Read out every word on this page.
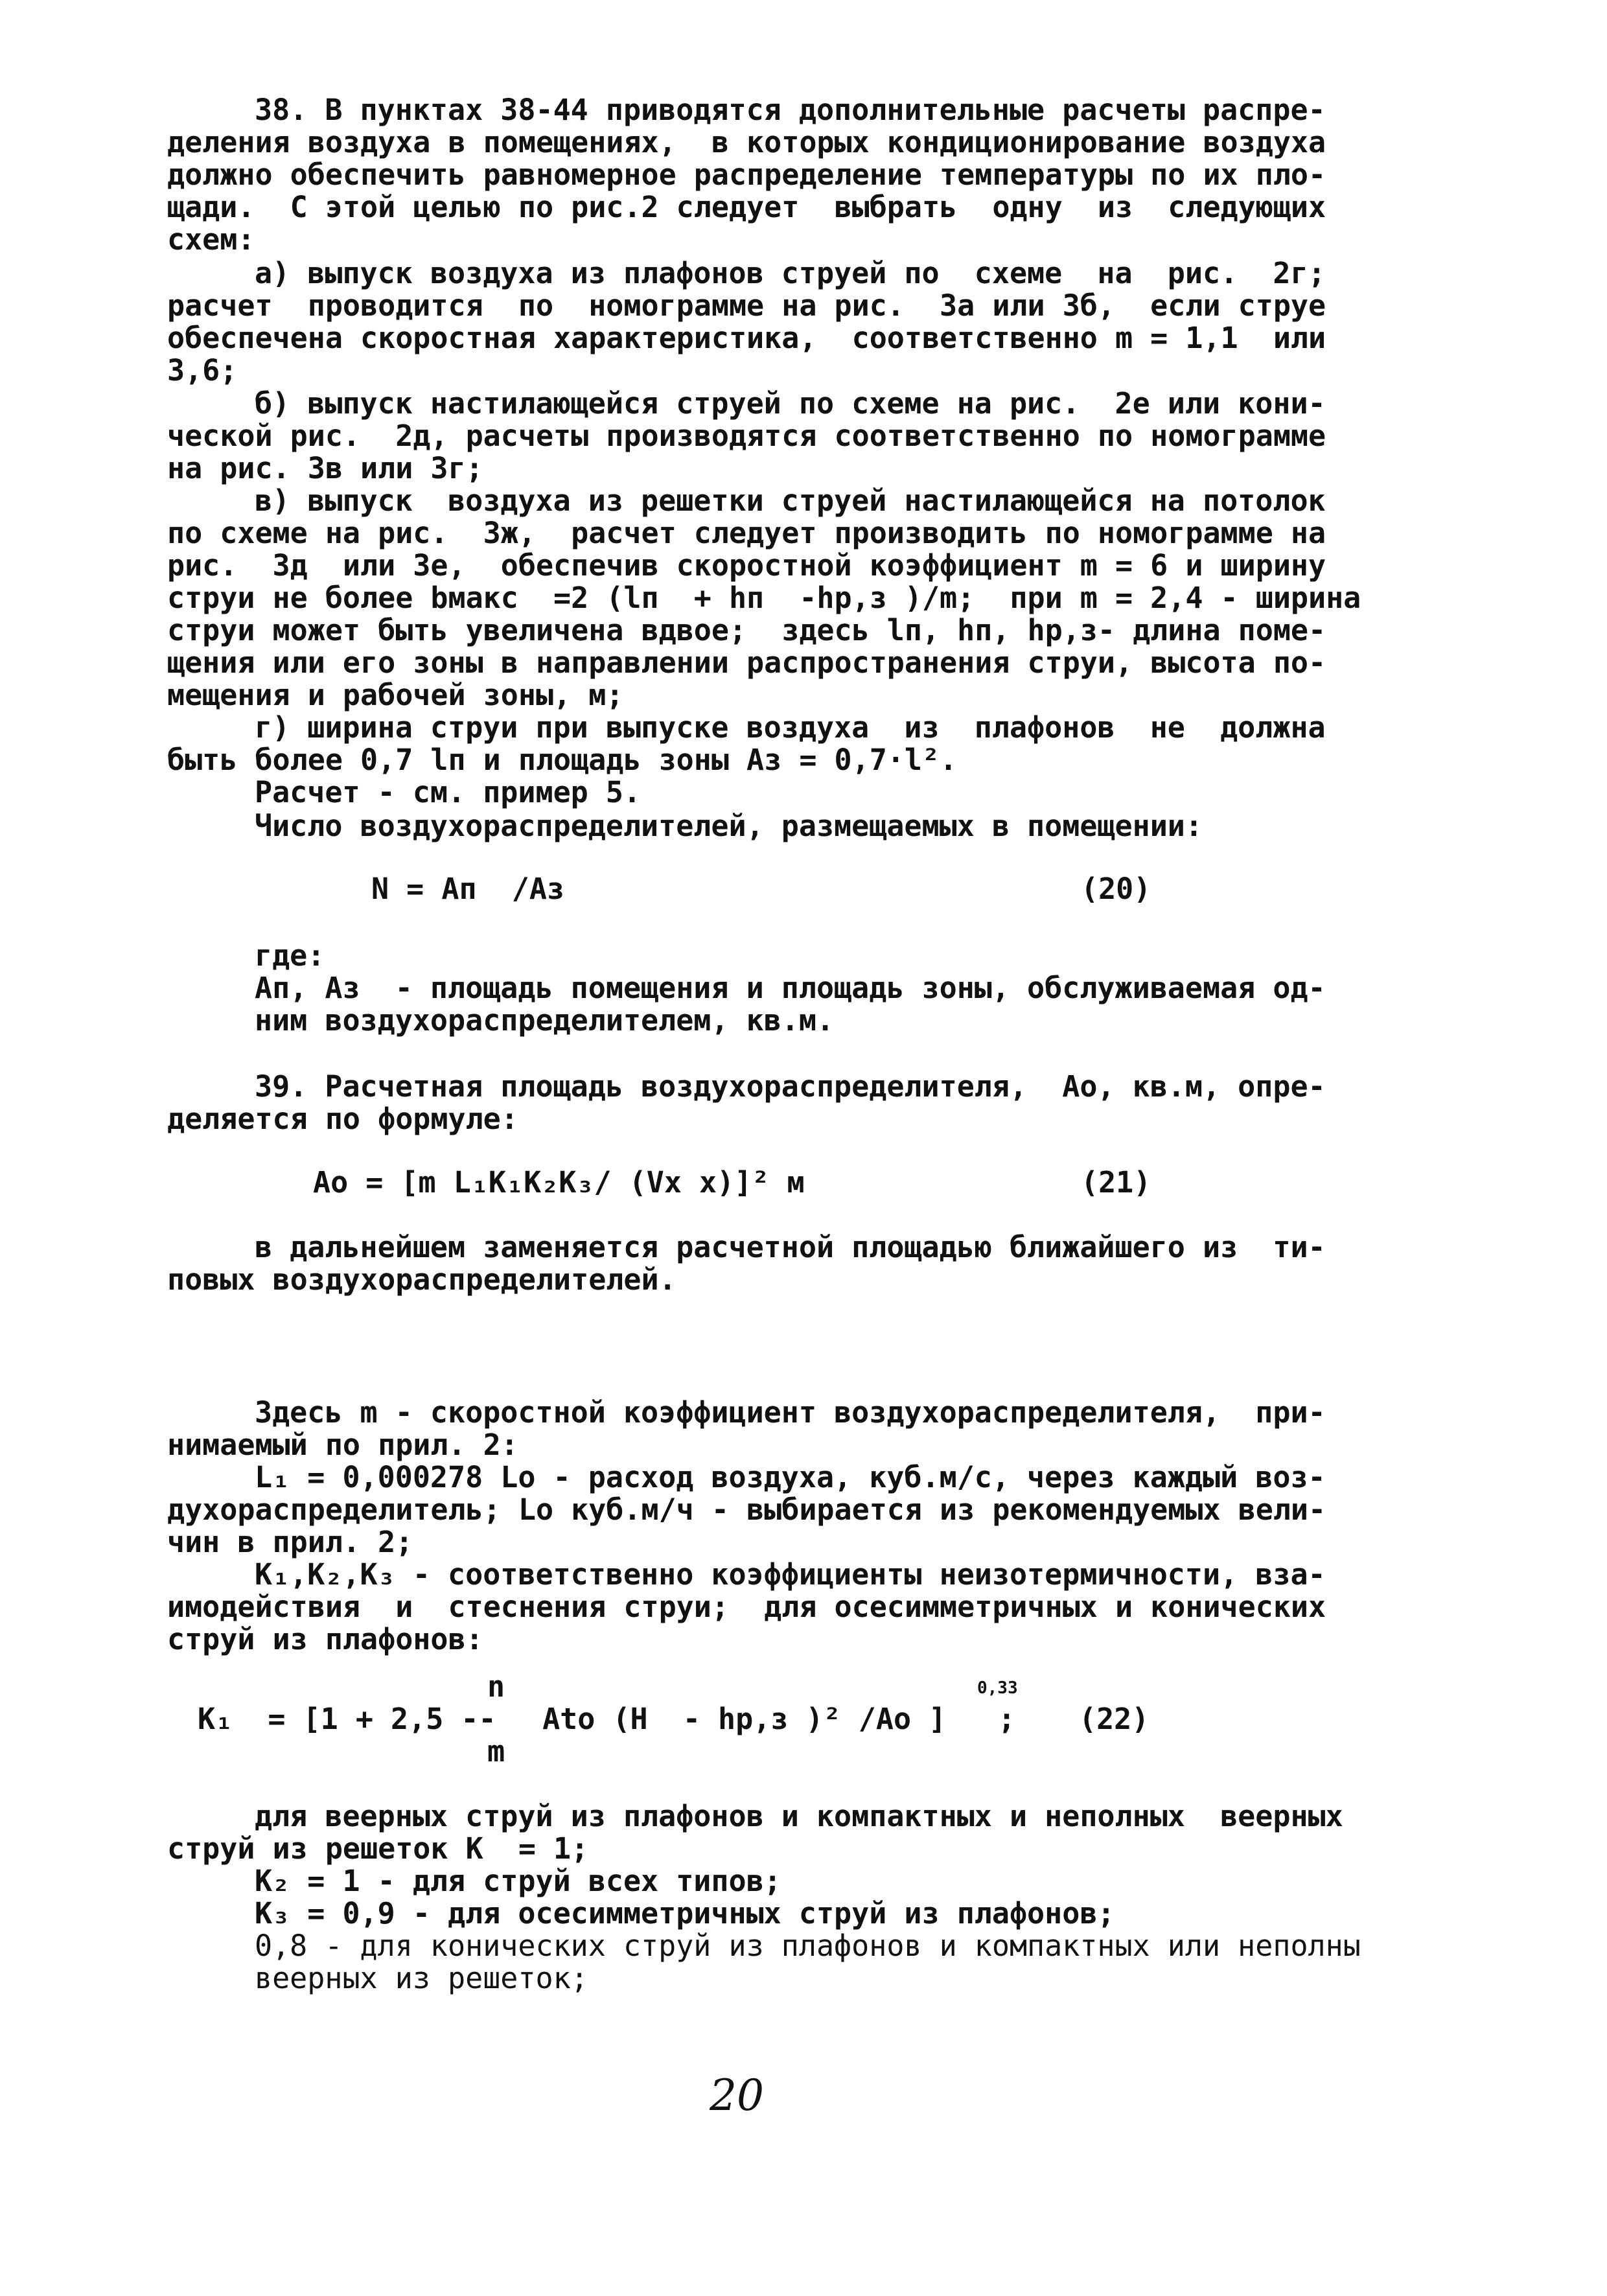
38. В пунктах 38-44 приводятся дополнительные расчеты распре-
деления воздуха в помещениях,  в которых кондиционирование воздуха
должно обеспечить равномерное распределение температуры по их пло-
щади.  С этой целью по рис.2 следует  выбрать  одну  из  следующих
схем:
а) выпуск воздуха из плафонов струей по  схеме  на  рис.  2г;
расчет  проводится  по  номограмме на рис.  3а или 3б,  если струе
обеспечена скоростная характеристика,  соответственно m = 1,1  или
3,6;
б) выпуск настилающейся струей по схеме на рис.  2е или кони-
ческой рис.  2д, расчеты производятся соответственно по номограмме
на рис. 3в или 3г;
в) выпуск  воздуха из решетки струей настилающейся на потолок
по схеме на рис.  3ж,  расчет следует производить по номограмме на
рис.  3д  или 3е,  обеспечив скоростной коэффициент m = 6 и ширину
струи не более bмакс  =2 (lп  + hп  -hр,з )/m;  при m = 2,4 - ширина
струи может быть увеличена вдвое;  здесь lп, hп, hр,з- длина поме-
щения или его зоны в направлении распространения струи, высота по-
мещения и рабочей зоны, м;
г) ширина струи при выпуске воздуха  из  плафонов  не  должна
быть более 0,7 lп и площадь зоны Аз = 0,7·l².
Расчет - см. пример 5.
Число воздухораспределителей, размещаемых в помещении:
N = Aп  /Aз	(20)
где:
Ап, Аз  - площадь помещения и площадь зоны, обслуживаемая од-
ним воздухораспределителем, кв.м.
39. Расчетная площадь воздухораспределителя,  Ао, кв.м, опре-
деляется по формуле:
Ао = [m L₁K₁K₂K₃/ (Vx x)]² м	(21)
в дальнейшем заменяется расчетной площадью ближайшего из  ти-
повых воздухораспределителей.
Здесь m - скоростной коэффициент воздухораспределителя,  при-
нимаемый по прил. 2:
L₁ = 0,000278 Lо - расход воздуха, куб.м/с, через каждый воз-
духораспределитель; Lо куб.м/ч - выбирается из рекомендуемых вели-
чин в прил. 2;
K₁,K₂,K₃ - соответственно коэффициенты неизотермичности, вза-
имодействия  и  стеснения струи;  для осесимметричных и конических
струй из плафонов:
n	0,33
K₁  = [1 + 2,5 -- Ato (H  - hр,з )² /Aо ] ; (22)
m
для веерных струй из плафонов и компактных и неполных  веерных
струй из решеток K  = 1;
K₂ = 1 - для струй всех типов;
K₃ = 0,9 - для осесимметричных струй из плафонов;
0,8 - для конических струй из плафонов и компактных или неполны
веерных из решеток;
20
